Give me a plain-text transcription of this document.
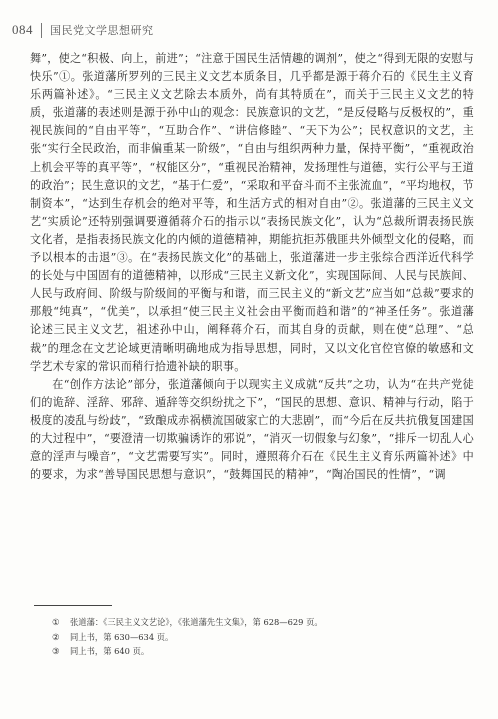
084 国民党文学思想研究

舞”，使之“积极、向上，前进”；“注意于国民生活情趣的调剂”，使之“得到无限的安慰与快乐”①。张道藩所罗列的三民主义文艺本质条目，几乎都是源于蒋介石的《民生主义育乐两篇补述》。“三民主义文艺除去本质外，尚有其特质在”，而关于三民主义文艺的特质，张道藩的表述则是源于孙中山的观念：民族意识的文艺，“是反侵略与反极权的”，重视民族间的“自由平等”，“互助合作”、“讲信修睦”、“天下为公”；民权意识的文艺，主张“实行全民政治，而非偏重某一阶级”，“自由与组织两种力量，保持平衡”，“重视政治上机会平等的真平等”，“权能区分”，“重视民治精神，发扬理性与道德，实行公平与王道的政治”；民生意识的文艺，“基于仁爱”，“采取和平奋斗而不主张流血”，“平均地权，节制资本”，“达到生存机会的绝对平等，和生活方式的相对自由”②。张道藩的三民主义文艺“实质论”还特别强调要遵循蒋介石的指示以“表扬民族文化”，认为“总裁所谓表扬民族文化者，是指表扬民族文化的内倾的道德精神，期能抗拒苏俄匪共外倾型文化的侵略，而予以根本的击退”③。在“表扬民族文化”的基础上，张道藩进一步主张综合西洋近代科学的长处与中国固有的道德精神，以形成“三民主义新文化”，实现国际间、人民与民族间、人民与政府间、阶级与阶级间的平衡与和谐，而三民主义的“新文艺”应当如“总裁”要求的那般“纯真”，“优美”，以承担“使三民主义社会由平衡而趋和谐”的“神圣任务”。张道藩论述三民主义文艺，祖述孙中山，阐释蒋介石，而其自身的贡献，则在使“总理”、“总裁”的理念在文艺论域更清晰明确地成为指导思想，同时，又以文化官倥官僚的敏感和文学艺术专家的常识而稍行拾遗补缺的职事。

在“创作方法论”部分，张道藩倾向于以现实主义成就“反共”之功，认为“在共产党徒们的诡辞、淫辞、邪辞、遁辞等交织纷扰之下”，“国民的思想、意识、精神与行动，陷于极度的凌乱与纷歧”，“致酿成赤祸横流国破家亡的大悲剧”，而“今后在反共抗俄复国建国的大过程中”，“要澄清一切欺骗诱诈的邪说”，“消灭一切假象与幻象”，“排斥一切乱人心意的淫声与噪音”，“文艺需要写实”。同时，遵照蒋介石在《民生主义育乐两篇补述》中的要求，为求“善导国民思想与意识”，“鼓舞国民的精神”，“陶冶国民的性情”，“调

①	张道藩：《三民主义文艺论》，《张道藩先生文集》，第 628—629 页。
②	同上书，第 630—634 页。
③	同上书，第 640 页。
